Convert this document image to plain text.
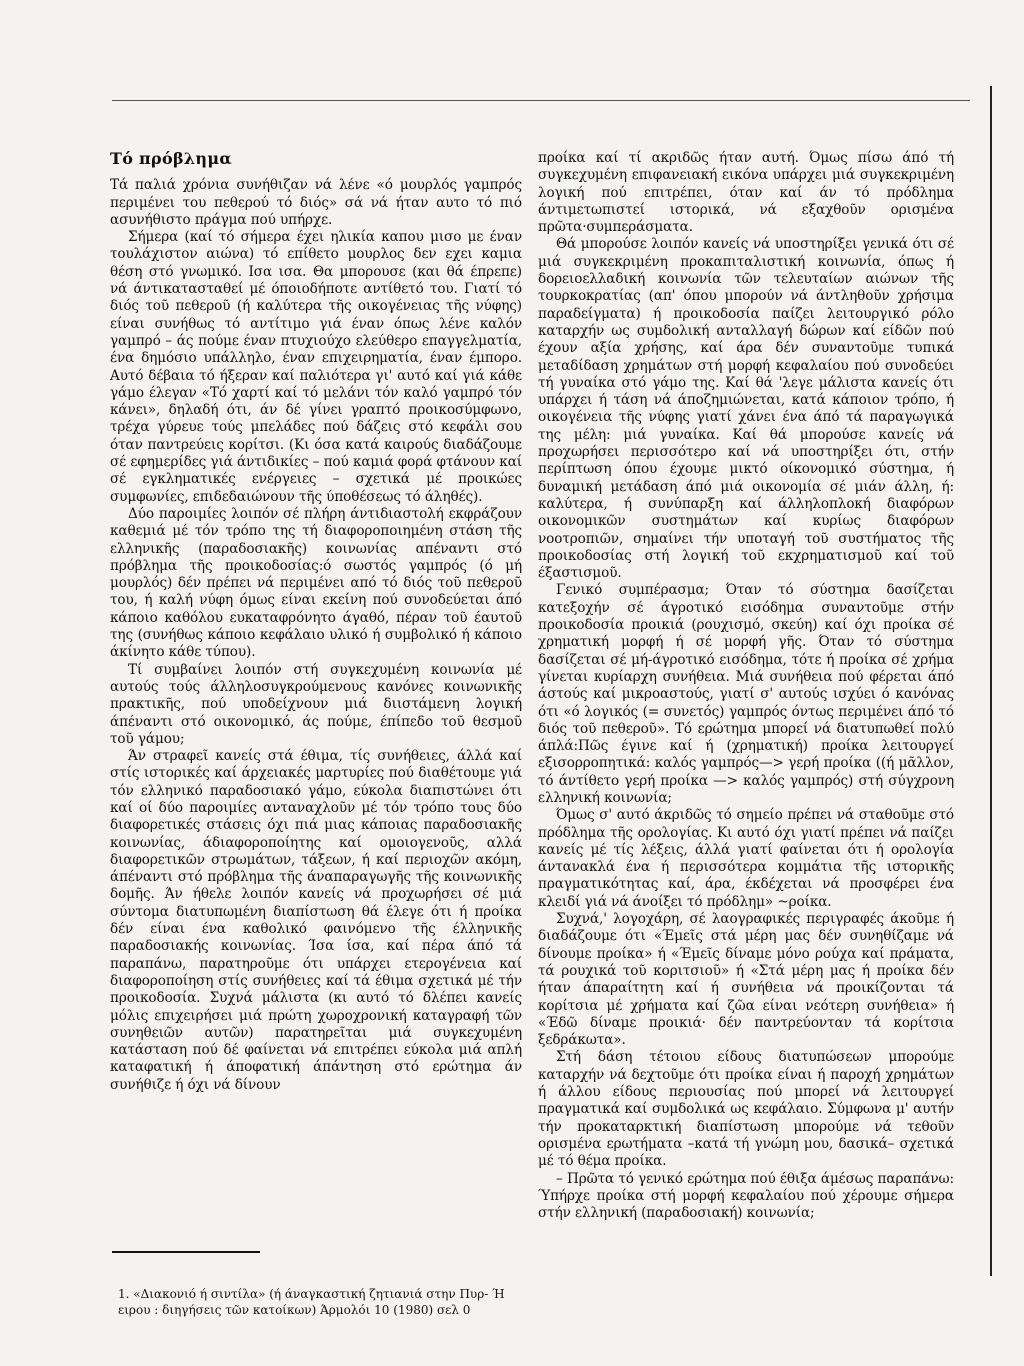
Τό πρόβλημα

Τά παλιά χρόνια συνήθιζαν νά λένε «ό μουρλός γαμπρός περιμένει του πεθερού τό διός» σά νά ήταν αυτο τό πιό ασυνήθιστο πράγμα πού υπήρχε.

Σήμερα (καί τό σήμερα έχει ηλικία καπου μισο με έναν τουλάχιστον αιώνα) τό επίθετο μουρλος δεν εχει καμια θέση στό γνωμικό. Ισα ισα. Θα μπορουσε (και θά έπρεπε) νά άντικατασταθεί μέ όποιοδήποτε αντίθετό του. Γιατί τό διός τοῦ πεθεροῦ (ή καλύτερα τῆς οικογένειας τῆς νύφης) είναι συνήθως τό αντίτιμο γιά έναν όπως λένε καλόν γαμπρό – άς πούμε έναν πτυχιούχο ελεύθερο επαγγελματία, ένα δημόσιο υπάλληλο, έναν επιχειρηματία, έναν έμπορο. Αυτό δέβαια τό ήξεραν καί παλιότερα γι' αυτό καί γιά κάθε γάμο έλεγαν «Τό χαρτί καί τό μελάνι τόν καλό γαμπρό τόν κάνει», δηλαδή ότι, άν δέ γίνει γραπτό προικοσύμφωνο, τρέχα γύρευε τούς μπελάδες πού δάζεις στό κεφάλι σου όταν παντρεύεις κορίτσι. (Κι όσα κατά καιρούς διαδάζουμε σέ εφημερίδες γιά άντιδικίες – πού καμιά φορά φτάνουν καί σέ εγκληματικές ενέργειες – σχετικά μέ προικώες συμφωνίες, επιδεδαιώνουν τῆς ύποθέσεως τό άληθές).

Δύο παροιμίες λοιπόν σέ πλήρη άντιδιαστολή εκφράζουν καθεμιά μέ τόν τρόπο της τή διαφοροποιημένη στάση τῆς ελληνικῆς (παραδοσιακῆς) κοινωνίας απέναντι στό πρόβλημα τῆς προικοδοσίας:ό σωστός γαμπρός (ό μή μουρλός) δέν πρέπει νά περιμένει από τό διός τοῦ πεθεροῦ του, ή καλή νύφη όμως είναι εκείνη πού συνοδεύεται άπό κάποιο καθόλου ευκαταφρόνητο άγαθό, πέραν τοῦ έαυτοῦ της (συνήθως κάποιο κεφάλαιο υλικό ή συμβολικό ή κάποιο άκίνητο κάθε τύπου).

Τί συμβαίνει λοιπόν στή συγκεχυμένη κοινωνία μέ αυτούς τούς άλληλοσυγκρούμενους κανόνες κοινωνικῆς πρακτικῆς, πού υποδείχνουν μιά διιστάμενη λογική άπέναντι στό οικονομικό, άς πούμε, έπίπεδο τοῦ θεσμοῦ τοῦ γάμου;

Άν στραφεῖ κανείς στά έθιμα, τίς συνήθειες, άλλά καί στίς ιστορικές καί άρχειακές μαρτυρίες πού διαθέτουμε γιά τόν ελληνικό παραδοσιακό γάμο, εύκολα διαπιστώνει ότι καί οί δύο παροιμίες ανταναχλοῦν μέ τόν τρόπο τους δύο διαφορετικές στάσεις όχι πιά μιας κάποιας παραδοσιακῆς κοινωνίας, άδιαφοροποίητης καί ομοιογενοῦς, αλλά διαφορετικῶν στρωμάτων, τάξεων, ή καί περιοχῶν ακόμη, άπέναντι στό πρόβλημα τῆς άναπαραγωγῆς τῆς κοινωνικῆς δομῆς. Άν ήθελε λοιπόν κανείς νά προχωρήσει σέ μιά σύντομα διατυπωμένη διαπίστωση θά έλεγε ότι ή προίκα δέν είναι ένα καθολικό φαινόμενο τῆς έλληνικῆς παραδοσιακής κοινωνίας. Ίσα ίσα, καί πέρα άπό τά παραπάνω, παρατηροῦμε ότι υπάρχει ετερογένεια καί διαφοροποίηση στίς συνήθειες καί τά έθιμα σχετικά μέ τήν προικοδοσία. Συχνά μάλιστα (κι αυτό τό δλέπει κανείς μόλις επιχειρήσει μιά πρώτη χωροχρονική καταγραφή τῶν συνηθειῶν αυτῶν) παρατηρεῖται μιά συγκεχυμένη κατάσταση πού δέ φαίνεται νά επιτρέπει εύκολα μιά απλή καταφατική ή άποφατική άπάντηση στό ερώτημα άν συνήθιζε ή όχι νά δίνουν

προίκα καί τί ακριδῶς ήταν αυτή. Όμως πίσω άπό τή συγκεχυμένη επιφανειακή εικόνα υπάρχει μιά συγκεκριμένη λογική πού επιτρέπει, όταν καί άν τό πρόδλημα άντιμετωπιστεί ιστορικά, νά εξαχθοῦν ορισμένα πρῶτα·συμπεράσματα.

Θά μπορούσε λοιπόν κανείς νά υποστηρίξει γενικά ότι σέ μιά συγκεκριμένη προκαπιταλιστική κοινωνία, όπως ή δορειοελλαδική κοινωνία τῶν τελευταίων αιώνων τῆς τουρκοκρατίας (απ' όπου μπορούν νά άντληθοῦν χρήσιμα παραδείγματα) ή προικοδοσία παίζει λειτουργικό ρόλο καταρχήν ως συμδολική ανταλλαγή δώρων καί είδῶν πού έχουν αξία χρήσης, καί άρα δέν συναντοῦμε τυπικά μεταδίδαση χρημάτων στή μορφή κεφαλαίου πού συνοδεύει τή γυναίκα στό γάμο της. Καί θά 'λεγε μάλιστα κανείς ότι υπάρχει ή τάση νά άποζημιώνεται, κατά κάποιον τρόπο, ή οικογένεια τῆς νύφης γιατί χάνει ένα άπό τά παραγωγικά της μέλη: μιά γυναίκα. Καί θά μπορούσε κανείς νά προχωρήσει περισσότερο καί νά υποστηρίξει ότι, στήν περίπτωση όπου έχουμε μικτό οίκονομικό σύστημα, ή δυναμική μετάδαση άπό μιά οικονομία σέ μιάν άλλη, ή: καλύτερα, ή συνύπαρξη καί άλληλοπλοκή διαφόρων οικονομικῶν συστημάτων καί κυρίως διαφόρων νοοτροπιῶν, σημαίνει τήν υποταγή τοῦ συστήματος τῆς προικοδοσίας στή λογική τοῦ εκχρηματισμοῦ καί τοῦ έξαστισμοῦ.

Γενικό συμπέρασμα; Όταν τό σύστημα δασίζεται κατεξοχήν σέ άγροτικό εισόδημα συναντοῦμε στήν προικοδοσία προικιά (ρουχισμό, σκεύη) καί όχι προίκα σέ χρηματική μορφή ή σέ μορφή γῆς. Όταν τό σύστημα δασίζεται σέ μή-άγροτικό εισόδημα, τότε ή προίκα σέ χρήμα γίνεται κυρίαρχη συνήθεια. Μιά συνήθεια πού φέρεται άπό άστούς καί μικροαστούς, γιατί σ' αυτούς ισχύει ό κανόνας ότι «ό λογικός (= συνετός) γαμπρός όντως περιμένει άπό τό διός τοῦ πεθεροῦ». Τό ερώτημα μπορεί νά διατυπωθεί πολύ άπλά:Πῶς έγινε καί ή (χρηματική) προίκα λειτουργεί εξισορροπητικά: καλός γαμπρός—> γερή προίκα ((ή μᾶλλον, τό άντίθετο γερή προίκα —> καλός γαμπρός) στή σύγχρονη ελληνική κοινωνία;

Όμως σ' αυτό άκριδῶς τό σημείο πρέπει νά σταθοῦμε στό πρόδλημα τῆς ορολογίας. Κι αυτό όχι γιατί πρέπει νά παίζει κανείς μέ τίς λέξεις, άλλά γιατί φαίνεται ότι ή ορολογία άντανακλά ένα ή περισσότερα κομμάτια τῆς ιστορικῆς πραγματικότητας καί, άρα, έκδέχεται νά προσφέρει ένα κλειδί γιά νά άνοίξει τό πρόδλημ» ~ροίκα.

Συχνά,' λογοχάρη, σέ λαογραφικές περιγραφές άκοῦμε ή διαδάζουμε ότι «Έμεῖς στά μέρη μας δέν συνηθίζαμε νά δίνουμε προίκα» ή «Έμεῖς δίναμε μόνο ρούχα καί πράματα, τά ρουχικά τοῦ κοριτσιοῦ» ή «Στά μέρη μας ή προίκα δέν ήταν άπαραίτητη καί ή συνήθεια νά προικίζονται τά κορίτσια μέ χρήματα καί ζῶα είναι νεότερη συνήθεια» ή «Έδῶ δίναμε προικιά· δέν παντρεύονταν τά κορίτσια ξεδράκωτα».

Στή δάση τέτοιου είδους διατυπώσεων μπορούμε καταρχήν νά δεχτοῦμε ότι προίκα είναι ή παροχή χρημάτων ή άλλου είδους περιουσίας πού μπορεί νά λειτουργεί πραγματικά καί συμδολικά ως κεφάλαιο. Σύμφωνα μ' αυτήν τήν προκαταρκτική διαπίστωση μπορούμε νά τεθοῦν ορισμένα ερωτήματα –κατά τή γνώμη μου, δασικά– σχετικά μέ τό θέμα προίκα.

– Πρῶτα τό γενικό ερώτημα πού έθιξα άμέσως παραπάνω: Ύπήρχε προίκα στή μορφή κεφαλαίου πού χέρουμε σήμερα στήν ελληνική (παραδοσιακή) κοινωνία;

1. «Διακονιό ή σιντίλα» (ή άναγκαστική ζητιανιά στην Πυρ- Ή ειρου : διηγήσεις τῶν κατοίκων) Άρμολόι 10 (1980) σελ 0
